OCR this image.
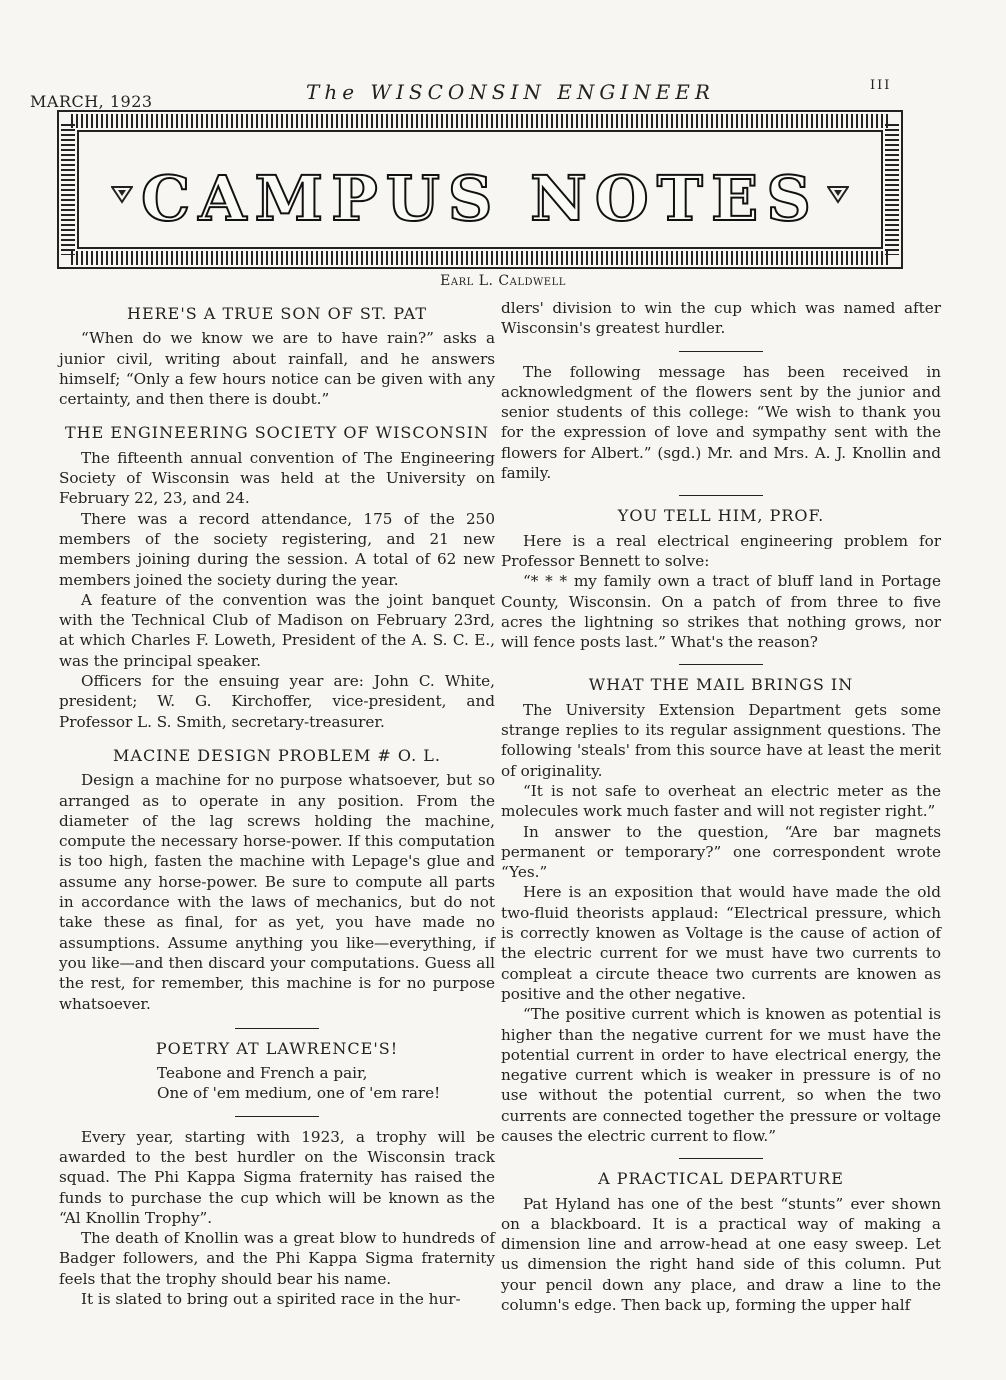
MARCH, 1923	The WISCONSIN ENGINEER	III
CAMPUS NOTES
Earl L. Caldwell
HERE'S A TRUE SON OF ST. PAT

“When do we know we are to have rain?” asks a junior civil, writing about rainfall, and he answers himself; “Only a few hours notice can be given with any certainty, and then there is doubt.”

THE ENGINEERING SOCIETY OF WISCONSIN

The fifteenth annual convention of The Engineering Society of Wisconsin was held at the University on February 22, 23, and 24.

There was a record attendance, 175 of the 250 members of the society registering, and 21 new members joining during the session. A total of 62 new members joined the society during the year.

A feature of the convention was the joint banquet with the Technical Club of Madison on February 23rd, at which Charles F. Loweth, President of the A. S. C. E., was the principal speaker.

Officers for the ensuing year are: John C. White, president; W. G. Kirchoffer, vice-president, and Professor L. S. Smith, secretary-treasurer.

MACINE DESIGN PROBLEM # O. L.

Design a machine for no purpose whatsoever, but so arranged as to operate in any position. From the diameter of the lag screws holding the machine, compute the necessary horse-power. If this computation is too high, fasten the machine with Lepage's glue and assume any horse-power. Be sure to compute all parts in accordance with the laws of mechanics, but do not take these as final, for as yet, you have made no assumptions. Assume anything you like—everything, if you like—and then discard your computations. Guess all the rest, for remember, this machine is for no purpose whatsoever.

POETRY AT LAWRENCE'S!
Teabone and French a pair,
One of 'em medium, one of 'em rare!

Every year, starting with 1923, a trophy will be awarded to the best hurdler on the Wisconsin track squad. The Phi Kappa Sigma fraternity has raised the funds to purchase the cup which will be known as the “Al Knollin Trophy”.

The death of Knollin was a great blow to hundreds of Badger followers, and the Phi Kappa Sigma fraternity feels that the trophy should bear his name.

It is slated to bring out a spirited race in the hur-

dlers' division to win the cup which was named after Wisconsin's greatest hurdler.

The following message has been received in acknowledgment of the flowers sent by the junior and senior students of this college: “We wish to thank you for the expression of love and sympathy sent with the flowers for Albert.” (sgd.) Mr. and Mrs. A. J. Knollin and family.

YOU TELL HIM, PROF.

Here is a real electrical engineering problem for Professor Bennett to solve:

“* * * my family own a tract of bluff land in Portage County, Wisconsin. On a patch of from three to five acres the lightning so strikes that nothing grows, nor will fence posts last.” What's the reason?

WHAT THE MAIL BRINGS IN

The University Extension Department gets some strange replies to its regular assignment questions. The following 'steals' from this source have at least the merit of originality.

“It is not safe to overheat an electric meter as the molecules work much faster and will not register right.”

In answer to the question, “Are bar magnets permanent or temporary?” one correspondent wrote “Yes.”

Here is an exposition that would have made the old two-fluid theorists applaud: “Electrical pressure, which is correctly knowen as Voltage is the cause of action of the electric current for we must have two currents to compleat a circute theace two currents are knowen as positive and the other negative.

“The positive current which is knowen as potential is higher than the negative current for we must have the potential current in order to have electrical energy, the negative current which is weaker in pressure is of no use without the potential current, so when the two currents are connected together the pressure or voltage causes the electric current to flow.”

A PRACTICAL DEPARTURE

Pat Hyland has one of the best “stunts” ever shown on a blackboard. It is a practical way of making a dimension line and arrow-head at one easy sweep. Let us dimension the right hand side of this column. Put your pencil down any place, and draw a line to the column's edge. Then back up, forming the upper half
